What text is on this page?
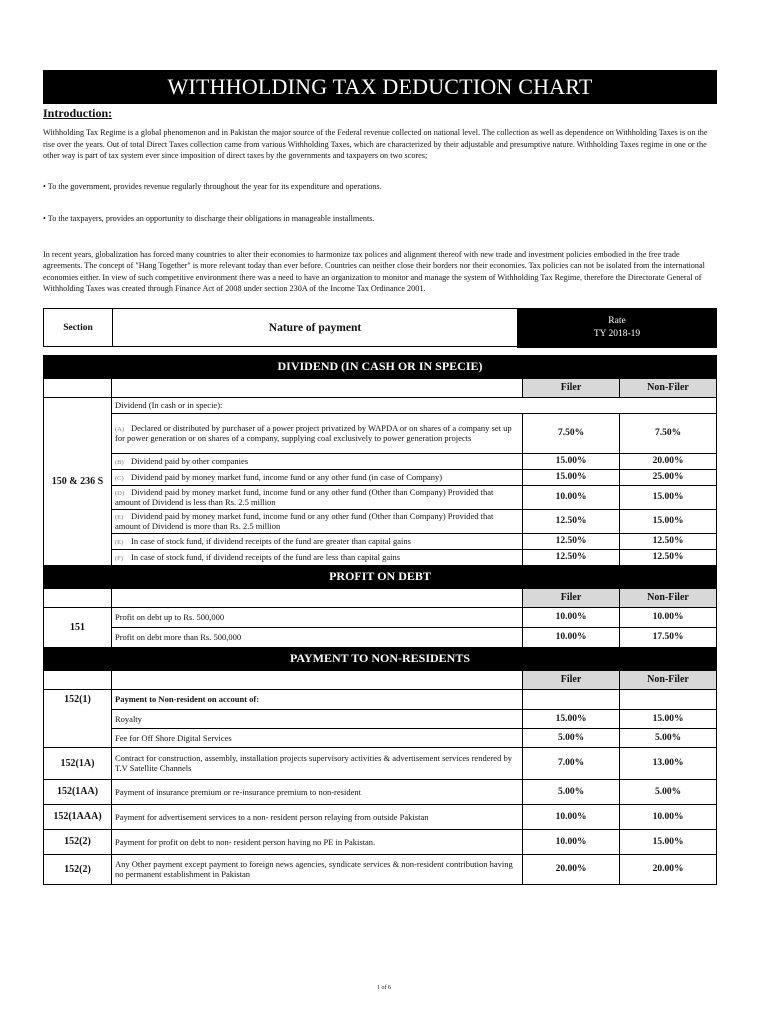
WITHHOLDING TAX DEDUCTION CHART
Introduction:

Withholding Tax Regime is a global phenomenon and in Pakistan the major source of the Federal revenue collected on national level. The collection as well as dependence on Withholding Taxes is on the rise over the years. Out of total Direct Taxes collection came from various Withholding Taxes, which are characterized by their adjustable and presumptive nature. Withholding Taxes regime in one or the other way is part of tax system ever since imposition of direct taxes by the governments and taxpayers on two scores;

• To the government, provides revenue regularly throughout the year for its expenditure and operations.

• To the taxpayers, provides an opportunity to discharge their obligations in manageable installments.

In recent years, globalization has forced many countries to alter their economies to harmonize tax polices and alignment thereof with new trade and investment policies embodied in the free trade agreements. The concept of "Hang Together" is more relevant today than ever before. Countries can neither close their borders nor their economies. Tax policies can not be isolated from the international economies either. In view of such competitive environment there was a need to have an organization to monitor and manage the system of Withholding Tax Regime, therefore the Directorate General of Withholding Taxes was created through Finance Act of 2008 under section 230A of the Income Tax Ordinance 2001.

Section	Nature of payment	
Rate
TY 2018-19
DIVIDEND (IN CASH OR IN SPECIE)			
		Filer	Non-Filer
150 & 236 S	Dividend (In cash or in specie):		
	(A) Declared or distributed by purchaser of a power project privatized by WAPDA or on shares of a company set up for power generation or on shares of a company, supplying coal exclusively to power generation projects	7.50%	7.50%
	(B) Dividend paid by other companies	15.00%	20.00%
	(C) Dividend paid by money market fund, income fund or any other fund (in case of Company)	15.00%	25.00%
	(D) Dividend paid by money market fund, income fund or any other fund (Other than Company) Provided that amount of Dividend is less than Rs. 2.5 million	10.00%	15.00%
	(E) Dividend paid by money market fund, income fund or any other fund (Other than Company) Provided that amount of Dividend is more than Rs. 2.5 million	12.50%	15.00%
	(E) In case of stock fund, if dividend receipts of the fund are greater than capital gains	12.50%	12.50%
	(F) In case of stock fund, if dividend receipts of the fund are less than capital gains	12.50%	12.50%
PROFIT ON DEBT			
		Filer	Non-Filer
151	Profit on debt up to Rs. 500,000	10.00%	10.00%
	Profit on debt more than Rs. 500,000	10.00%	17.50%
PAYMENT TO NON-RESIDENTS			
		Filer	Non-Filer
152(1)	Payment to Non-resident on account of:		
	Royalty	15.00%	15.00%
	Fee for Off Shore Digital Services	5.00%	5.00%
152(1A)	Contract for construction, assembly, installation projects supervisory activities & advertisement services rendered by T.V Satellite Channels	7.00%	13.00%
152(1AA)	Payment of insurance premium or re-insurance premium to non-resident	5.00%	5.00%
152(1AAA)	Payment for advertisement services to a non- resident person relaying from outside Pakistan	10.00%	10.00%
152(2)	Payment for profit on debt to non- resident person having no PE in Pakistan.	10.00%	15.00%
152(2)	Any Other payment except payment to foreign news agencies, syndicate services & non-resident contribution having no permanent establishment in Pakistan	20.00%	20.00%
1 of 6
